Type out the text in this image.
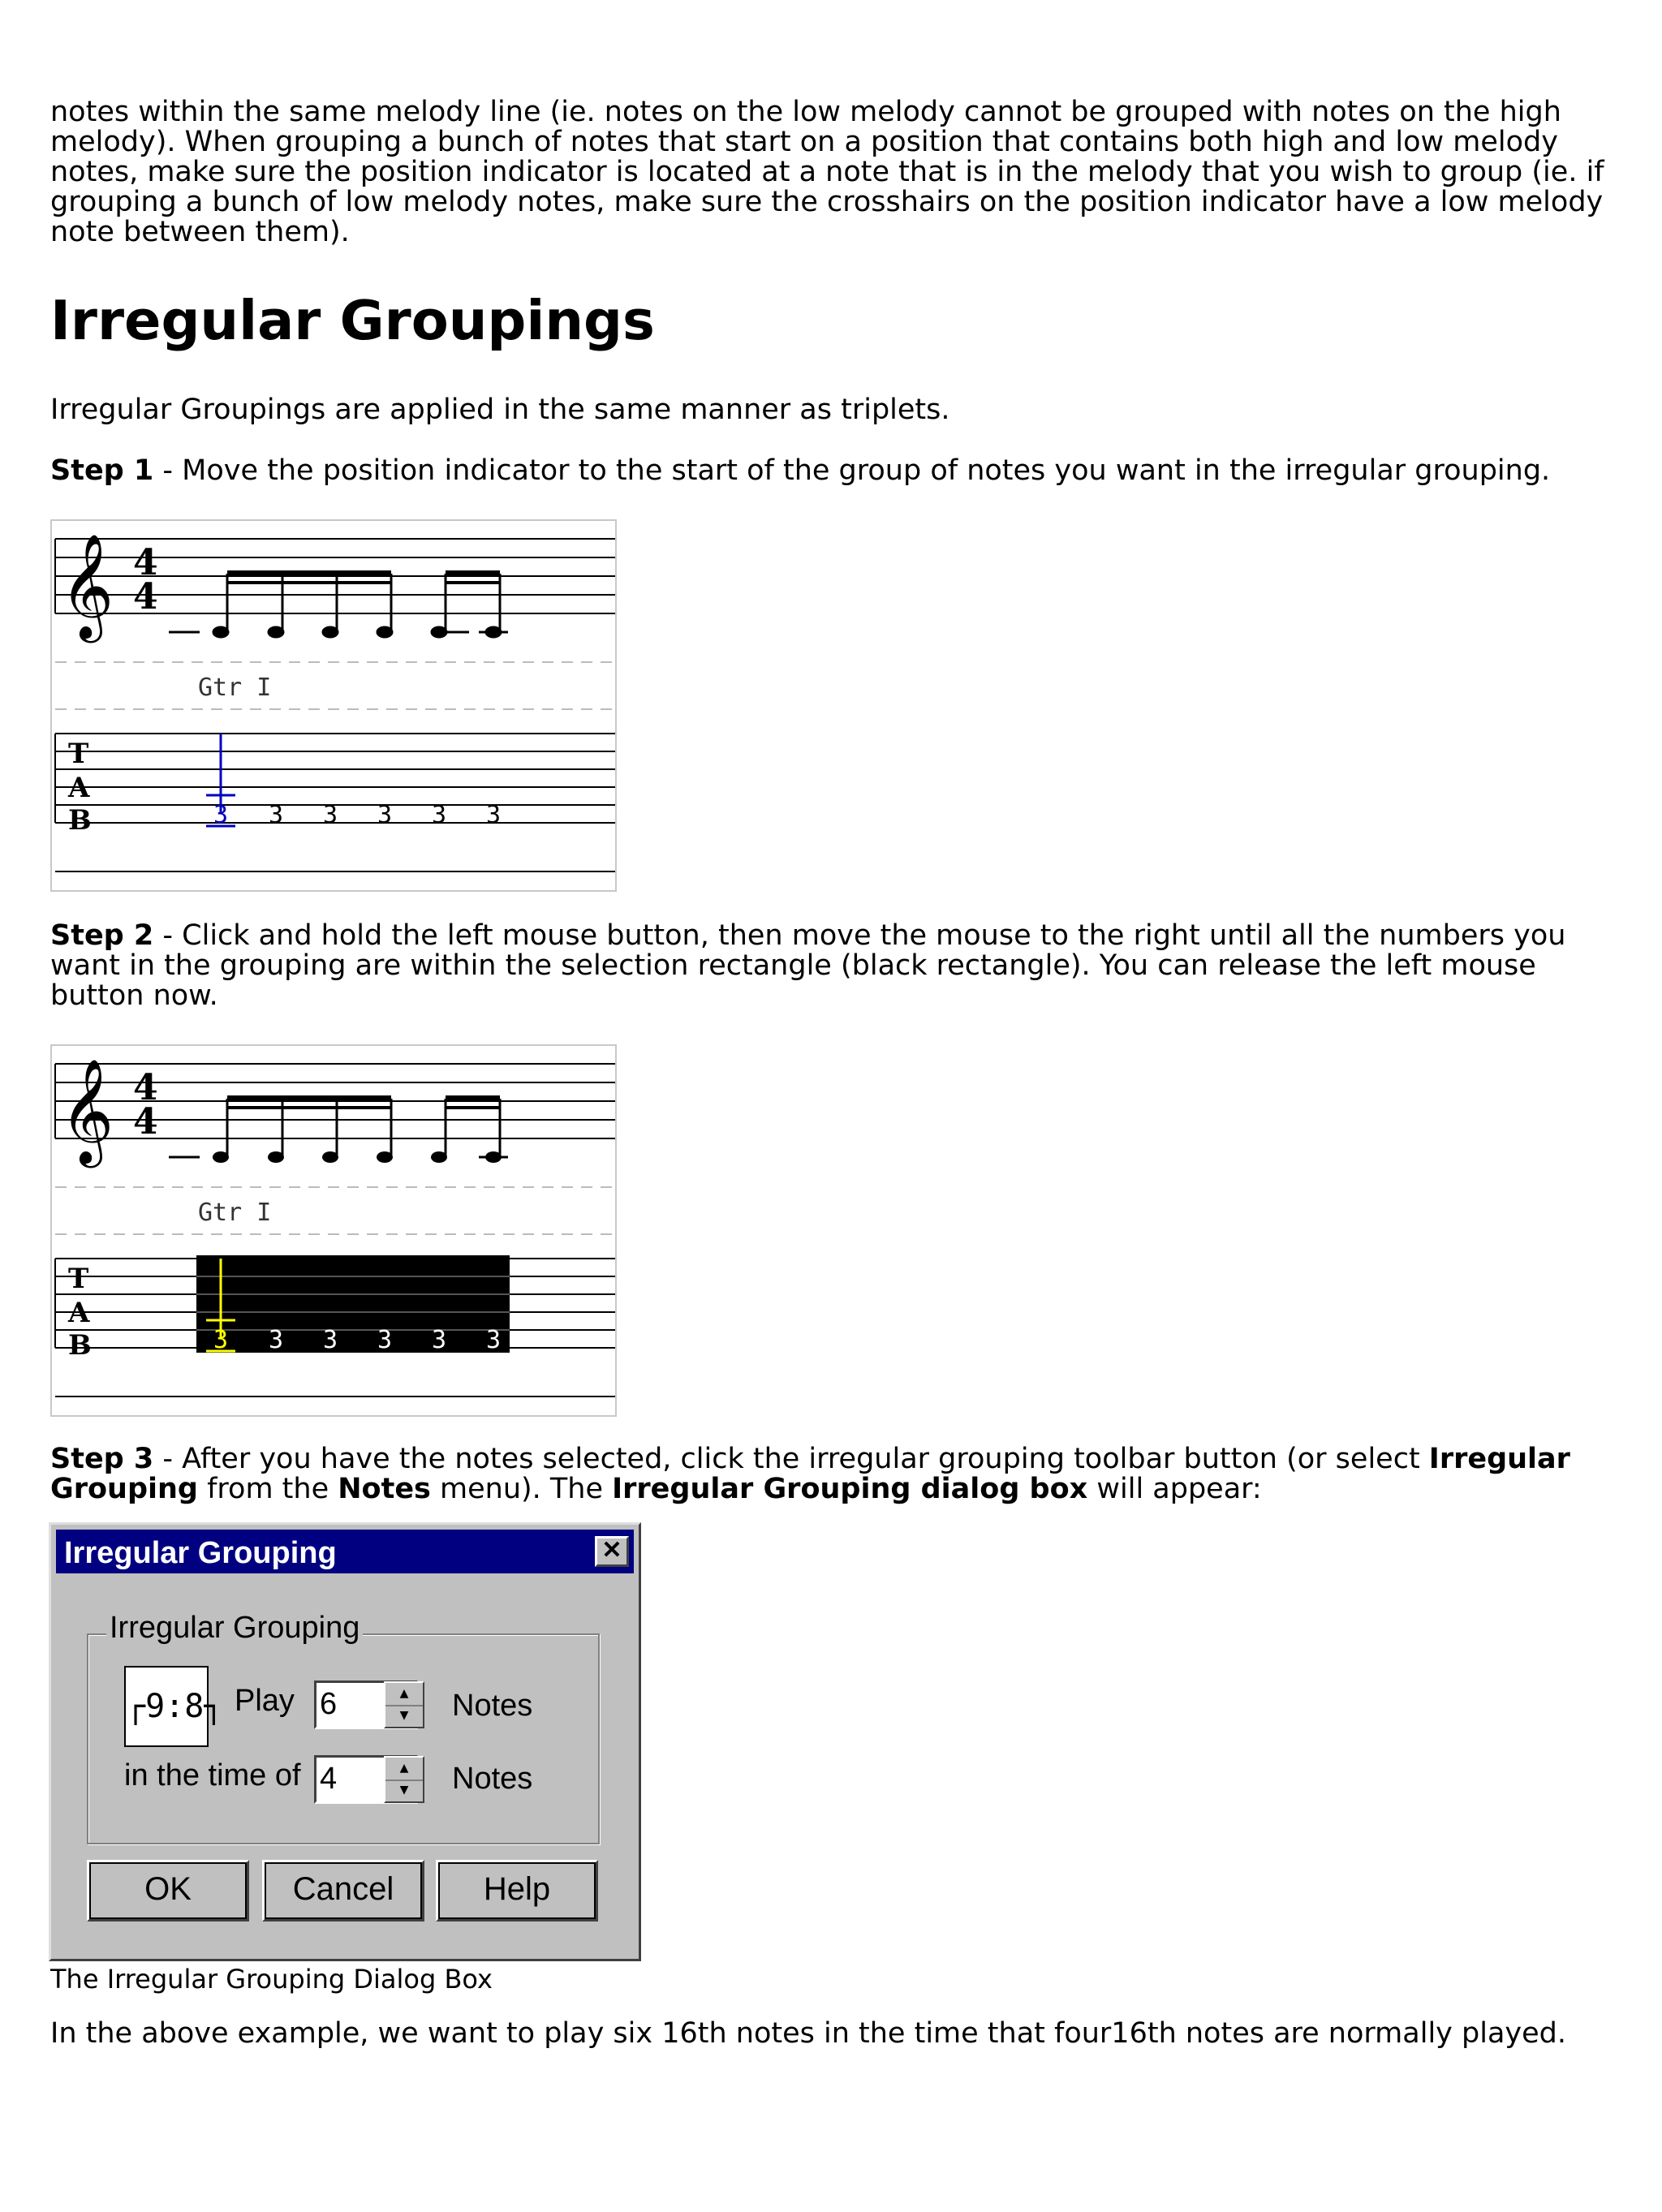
notes within the same melody line (ie. notes on the low melody cannot be grouped with notes on the high
melody). When grouping a bunch of notes that start on a position that contains both high and low melody
notes, make sure the position indicator is located at a note that is in the melody that you wish to group (ie. if
grouping a bunch of low melody notes, make sure the crosshairs on the position indicator have a low melody
note between them).
Irregular Groupings
Irregular Groupings are applied in the same manner as triplets.
Step 1 - Move the position indicator to the start of the group of notes you want in the irregular grouping.
𝄞 4
4
Gtr I
T
A
B	3 3 3 3 3 3
Step 2 - Click and hold the left mouse button, then move the mouse to the right until all the numbers you
want in the grouping are within the selection rectangle (black rectangle). You can release the left mouse
button now.
𝄞 4
4
Gtr I
T
A
B	3 3 3 3 3 3
Step 3 - After you have the notes selected, click the irregular grouping toolbar button (or select Irregular
Grouping from the Notes menu). The Irregular Grouping dialog box will appear:
Irregular Grouping	✕
Irregular Grouping
┌9:8┐ Play 6	▲
▼	Notes
in the time of 4	▲
▼	Notes
OK	Cancel	Help
The Irregular Grouping Dialog Box
In the above example, we want to play six 16th notes in the time that four16th notes are normally played.
